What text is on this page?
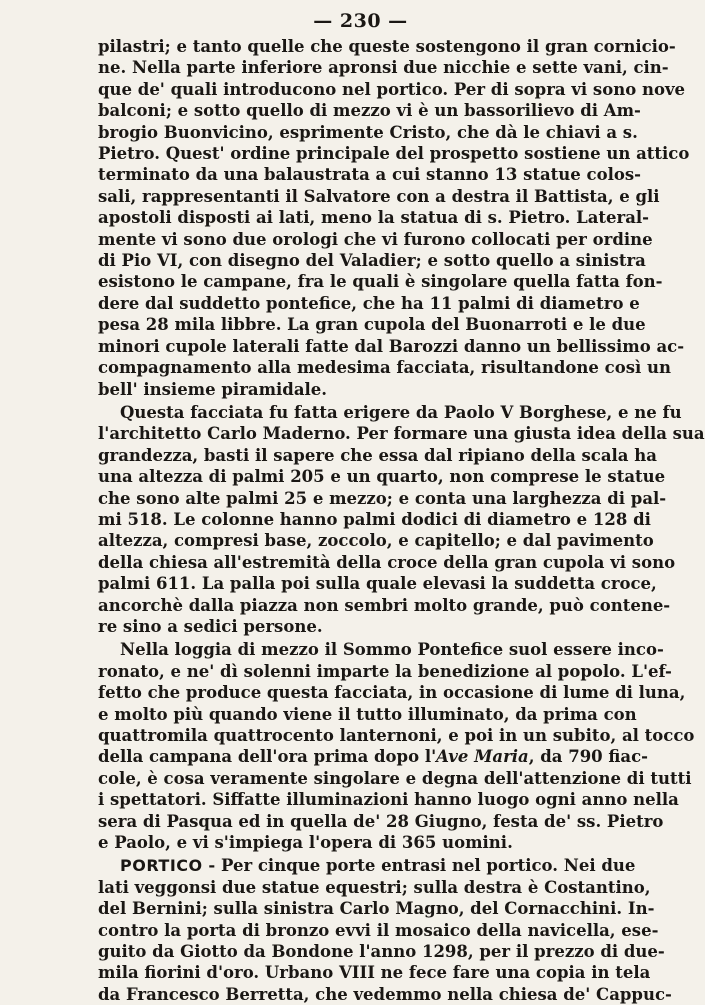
— 230 —
pilastri; e tanto quelle che queste sostengono il gran cornicio-
ne. Nella parte inferiore apronsi due nicchie e sette vani, cin-
que de' quali introducono nel portico. Per di sopra vi sono nove
balconi; e sotto quello di mezzo vi è un bassorilievo di Am-
brogio Buonvicino, esprimente Cristo, che dà le chiavi a s.
Pietro. Quest' ordine principale del prospetto sostiene un attico
terminato da una balaustrata a cui stanno 13 statue colos-
sali, rappresentanti il Salvatore con a destra il Battista, e gli
apostoli disposti ai lati, meno la statua di s. Pietro. Lateral-
mente vi sono due orologi che vi furono collocati per ordine
di Pio VI, con disegno del Valadier; e sotto quello a sinistra
esistono le campane, fra le quali è singolare quella fatta fon-
dere dal suddetto pontefice, che ha 11 palmi di diametro e
pesa 28 mila libbre. La gran cupola del Buonarroti e le due
minori cupole laterali fatte dal Barozzi danno un bellissimo ac-
compagnamento alla medesima facciata, risultandone così un
bell' insieme piramidale.
Questa facciata fu fatta erigere da Paolo V Borghese, e ne fu
l'architetto Carlo Maderno. Per formare una giusta idea della sua
grandezza, basti il sapere che essa dal ripiano della scala ha
una altezza di palmi 205 e un quarto, non comprese le statue
che sono alte palmi 25 e mezzo; e conta una larghezza di pal-
mi 518. Le colonne hanno palmi dodici di diametro e 128 di
altezza, compresi base, zoccolo, e capitello; e dal pavimento
della chiesa all'estremità della croce della gran cupola vi sono
palmi 611. La palla poi sulla quale elevasi la suddetta croce,
ancorchè dalla piazza non sembri molto grande, può contene-
re sino a sedici persone.
Nella loggia di mezzo il Sommo Pontefice suol essere inco-
ronato, e ne' dì solenni imparte la benedizione al popolo. L'ef-
fetto che produce questa facciata, in occasione di lume di luna,
e molto più quando viene il tutto illuminato, da prima con
quattromila quattrocento lanternoni, e poi in un subito, al tocco
della campana dell'ora prima dopo l'Ave Maria, da 790 fiac-
cole, è cosa veramente singolare e degna dell'attenzione di tutti
i spettatori. Siffatte illuminazioni hanno luogo ogni anno nella
sera di Pasqua ed in quella de' 28 Giugno, festa de' ss. Pietro
e Paolo, e vi s'impiega l'opera di 365 uomini.
PORTICO - Per cinque porte entrasi nel portico. Nei due
lati veggonsi due statue equestri; sulla destra è Costantino,
del Bernini; sulla sinistra Carlo Magno, del Cornacchini. In-
contro la porta di bronzo evvi il mosaico della navicella, ese-
guito da Giotto da Bondone l'anno 1298, per il prezzo di due-
mila fiorini d'oro. Urbano VIII ne fece fare una copia in tela
da Francesco Berretta, che vedemmo nella chiesa de' Cappuc-
